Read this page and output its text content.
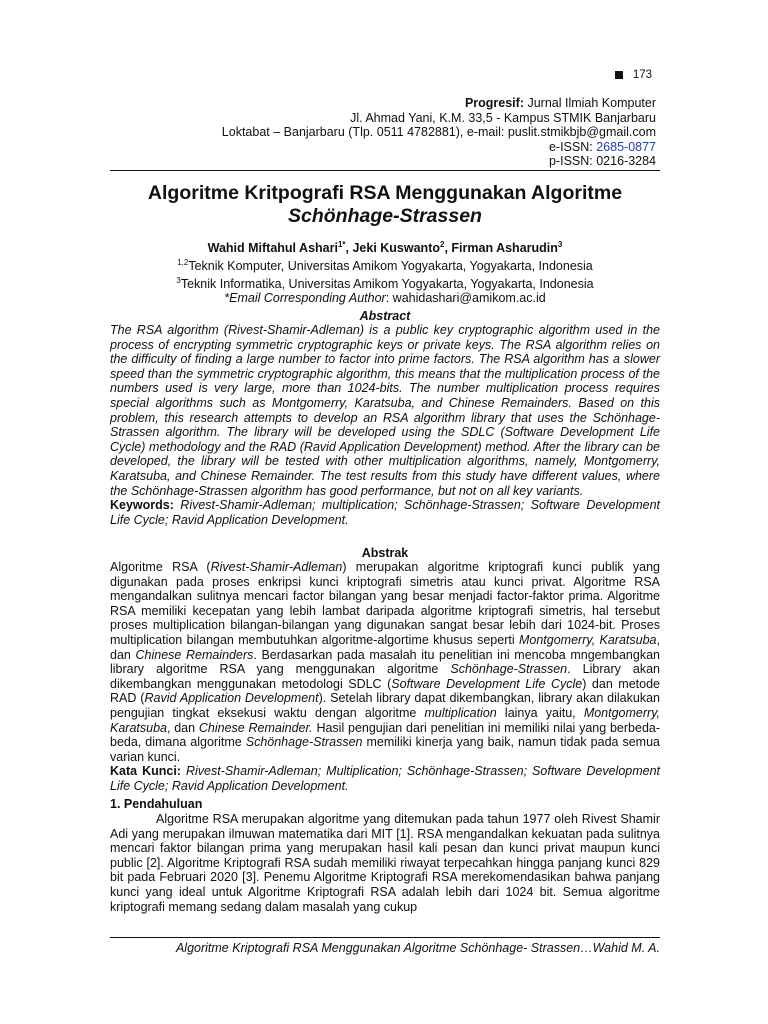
173
Progresif: Jurnal Ilmiah Komputer
Jl. Ahmad Yani, K.M. 33,5 - Kampus STMIK Banjarbaru
Loktabat – Banjarbaru (Tlp. 0511 4782881), e-mail: puslit.stmikbjb@gmail.com
e-ISSN: 2685-0877
p-ISSN: 0216-3284
Algoritme Kritpografi RSA Menggunakan Algoritme
Schönhage-Strassen
Wahid Miftahul Ashari$^{1*}$, Jeki Kuswanto$^2$, Firman Asharudin$^3$
$^{1,2}$Teknik Komputer, Universitas Amikom Yogyakarta, Yogyakarta, Indonesia
$^3$Teknik Informatika, Universitas Amikom Yogyakarta, Yogyakarta, Indonesia
*Email Corresponding Author: wahidashari@amikom.ac.id
Abstract
The RSA algorithm (Rivest-Shamir-Adleman) is a public key cryptographic algorithm used in the process of encrypting symmetric cryptographic keys or private keys. The RSA algorithm relies on the difficulty of finding a large number to factor into prime factors. The RSA algorithm has a slower speed than the symmetric cryptographic algorithm, this means that the multiplication process of the numbers used is very large, more than 1024-bits. The number multiplication process requires special algorithms such as Montgomerry, Karatsuba, and Chinese Remainders. Based on this problem, this research attempts to develop an RSA algorithm library that uses the Schönhage-Strassen algorithm. The library will be developed using the SDLC (Software Development Life Cycle) methodology and the RAD (Ravid Application Development) method. After the library can be developed, the library will be tested with other multiplication algorithms, namely, Montgomerry, Karatsuba, and Chinese Remainder. The test results from this study have different values, where the Schönhage-Strassen algorithm has good performance, but not on all key variants.
Keywords: Rivest-Shamir-Adleman; multiplication; Schönhage-Strassen; Software Development Life Cycle; Ravid Application Development.
Abstrak
Algoritme RSA (Rivest-Shamir-Adleman) merupakan algoritme kriptografi kunci publik yang digunakan pada proses enkripsi kunci kriptografi simetris atau kunci privat. Algoritme RSA mengandalkan sulitnya mencari factor bilangan yang besar menjadi factor-faktor prima. Algoritme RSA memiliki kecepatan yang lebih lambat daripada algoritme kriptografi simetris, hal tersebut proses multiplication bilangan-bilangan yang digunakan sangat besar lebih dari 1024-bit. Proses multiplication bilangan membutuhkan algoritme-algortime khusus seperti Montgomerry, Karatsuba, dan Chinese Remainders. Berdasarkan pada masalah itu penelitian ini mencoba mngembangkan library algoritme RSA yang menggunakan algoritme Schönhage-Strassen. Library akan dikembangkan menggunakan metodologi SDLC (Software Development Life Cycle) dan metode RAD (Ravid Application Development). Setelah library dapat dikembangkan, library akan dilakukan pengujian tingkat eksekusi waktu dengan algoritme multiplication lainya yaitu, Montgomerry, Karatsuba, dan Chinese Remainder. Hasil pengujian dari penelitian ini memiliki nilai yang berbeda-beda, dimana algoritme Schönhage-Strassen memiliki kinerja yang baik, namun tidak pada semua varian kunci.
Kata Kunci: Rivest-Shamir-Adleman; Multiplication; Schönhage-Strassen; Software Development Life Cycle; Ravid Application Development.
1. Pendahuluan
Algoritme RSA merupakan algoritme yang ditemukan pada tahun 1977 oleh Rivest Shamir Adi yang merupakan ilmuwan matematika dari MIT [1]. RSA mengandalkan kekuatan pada sulitnya mencari faktor bilangan prima yang merupakan hasil kali pesan dan kunci privat maupun kunci public [2]. Algoritme Kriptografi RSA sudah memiliki riwayat terpecahkan hingga panjang kunci 829 bit pada Februari 2020 [3]. Penemu Algoritme Kriptografi RSA merekomendasikan bahwa panjang kunci yang ideal untuk Algoritme Kriptografi RSA adalah lebih dari 1024 bit. Semua algoritme kriptografi memang sedang dalam masalah yang cukup
Algoritme Kriptografi RSA Menggunakan Algoritme Schönhage- Strassen…Wahid M. A.
